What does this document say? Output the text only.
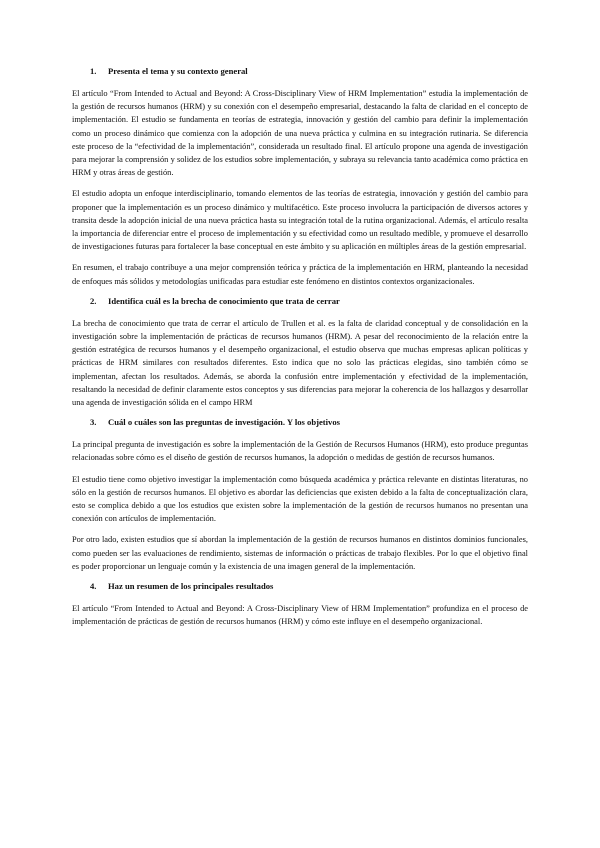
1. Presenta el tema y su contexto general

El artículo “From Intended to Actual and Beyond: A Cross-Disciplinary View of HRM Implementation” estudia la implementación de la gestión de recursos humanos (HRM) y su conexión con el desempeño empresarial, destacando la falta de claridad en el concepto de implementación. El estudio se fundamenta en teorías de estrategia, innovación y gestión del cambio para definir la implementación como un proceso dinámico que comienza con la adopción de una nueva práctica y culmina en su integración rutinaria. Se diferencia este proceso de la “efectividad de la implementación”, considerada un resultado final. El artículo propone una agenda de investigación para mejorar la comprensión y solidez de los estudios sobre implementación, y subraya su relevancia tanto académica como práctica en HRM y otras áreas de gestión.

El estudio adopta un enfoque interdisciplinario, tomando elementos de las teorías de estrategia, innovación y gestión del cambio para proponer que la implementación es un proceso dinámico y multifacético. Este proceso involucra la participación de diversos actores y transita desde la adopción inicial de una nueva práctica hasta su integración total de la rutina organizacional. Además, el artículo resalta la importancia de diferenciar entre el proceso de implementación y su efectividad como un resultado medible, y promueve el desarrollo de investigaciones futuras para fortalecer la base conceptual en este ámbito y su aplicación en múltiples áreas de la gestión empresarial.

En resumen, el trabajo contribuye a una mejor comprensión teórica y práctica de la implementación en HRM, planteando la necesidad de enfoques más sólidos y metodologías unificadas para estudiar este fenómeno en distintos contextos organizacionales.

2. Identifica cuál es la brecha de conocimiento que trata de cerrar

La brecha de conocimiento que trata de cerrar el artículo de Trullen et al. es la falta de claridad conceptual y de consolidación en la investigación sobre la implementación de prácticas de recursos humanos (HRM). A pesar del reconocimiento de la relación entre la gestión estratégica de recursos humanos y el desempeño organizacional, el estudio observa que muchas empresas aplican políticas y prácticas de HRM similares con resultados diferentes. Esto indica que no solo las prácticas elegidas, sino también cómo se implementan, afectan los resultados. Además, se aborda la confusión entre implementación y efectividad de la implementación, resaltando la necesidad de definir claramente estos conceptos y sus diferencias para mejorar la coherencia de los hallazgos y desarrollar una agenda de investigación sólida en el campo HRM

3. Cuál o cuáles son las preguntas de investigación. Y los objetivos

La principal pregunta de investigación es sobre la implementación de la Gestión de Recursos Humanos (HRM), esto produce preguntas relacionadas sobre cómo es el diseño de gestión de recursos humanos, la adopción o medidas de gestión de recursos humanos.

El estudio tiene como objetivo investigar la implementación como búsqueda académica y práctica relevante en distintas literaturas, no sólo en la gestión de recursos humanos. El objetivo es abordar las deficiencias que existen debido a la falta de conceptualización clara, esto se complica debido a que los estudios que existen sobre la implementación de la gestión de recursos humanos no presentan una conexión con artículos de implementación.

Por otro lado, existen estudios que sí abordan la implementación de la gestión de recursos humanos en distintos dominios funcionales, como pueden ser las evaluaciones de rendimiento, sistemas de información o prácticas de trabajo flexibles. Por lo que el objetivo final es poder proporcionar un lenguaje común y la existencia de una imagen general de la implementación.

4. Haz un resumen de los principales resultados

El artículo “From Intended to Actual and Beyond: A Cross-Disciplinary View of HRM Implementation” profundiza en el proceso de implementación de prácticas de gestión de recursos humanos (HRM) y cómo este influye en el desempeño organizacional.
